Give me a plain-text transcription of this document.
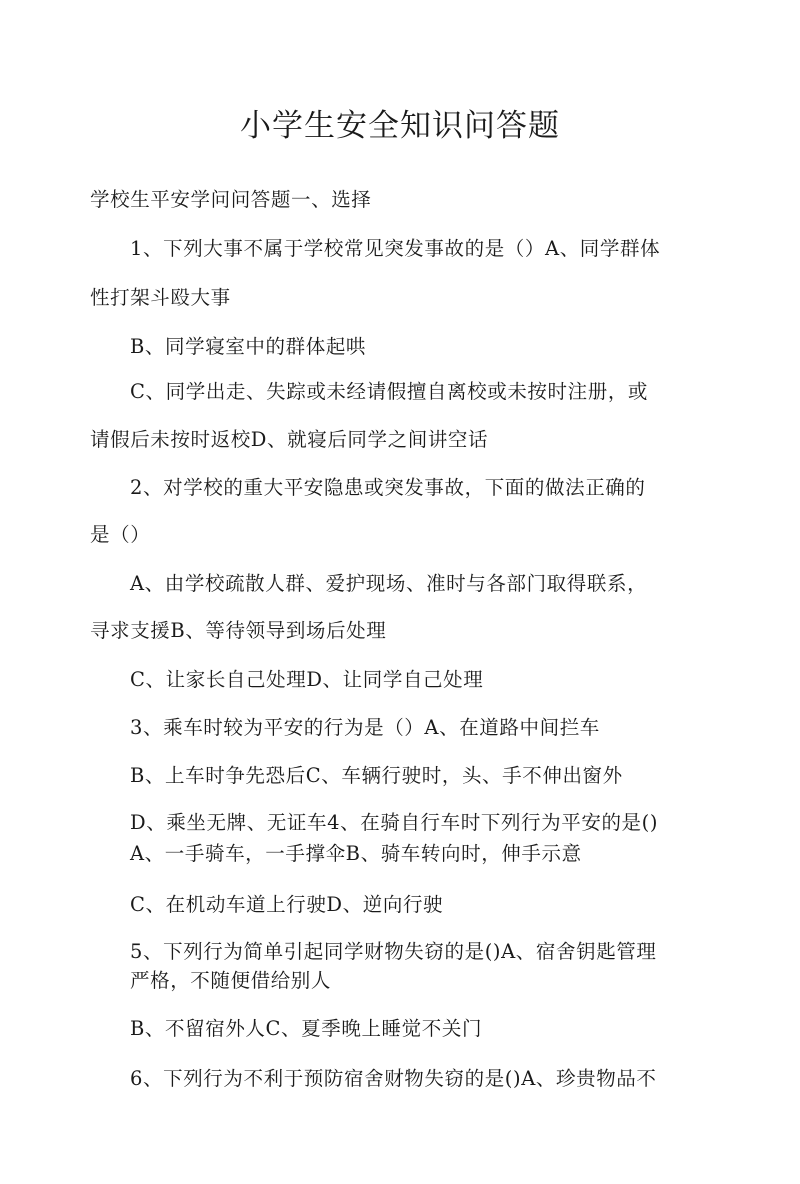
小学生安全知识问答题
学校生平安学问问答题一、选择
1、下列大事不属于学校常见突发事故的是（）A、同学群体
性打架斗殴大事
B、同学寝室中的群体起哄
C、同学出走、失踪或未经请假擅自离校或未按时注册，或
请假后未按时返校D、就寝后同学之间讲空话
2、对学校的重大平安隐患或突发事故，下面的做法正确的
是（）
A、由学校疏散人群、爱护现场、准时与各部门取得联系，
寻求支援B、等待领导到场后处理
C、让家长自己处理D、让同学自己处理
3、乘车时较为平安的行为是（）A、在道路中间拦车
B、上车时争先恐后C、车辆行驶时，头、手不伸出窗外
D、乘坐无牌、无证车4、在骑自行车时下列行为平安的是()
A、一手骑车，一手撑伞B、骑车转向时，伸手示意
C、在机动车道上行驶D、逆向行驶
5、下列行为简单引起同学财物失窃的是()A、宿舍钥匙管理
严格，不随便借给别人
B、不留宿外人C、夏季晚上睡觉不关门
6、下列行为不利于预防宿舍财物失窃的是()A、珍贵物品不
